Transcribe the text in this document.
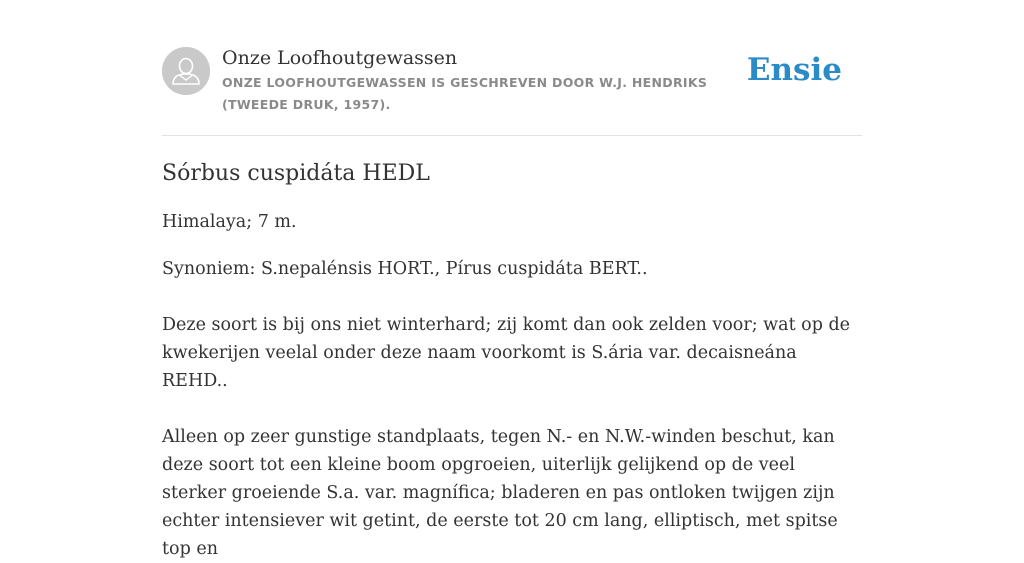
Onze Loofhoutgewassen
ONZE LOOFHOUTGEWASSEN IS GESCHREVEN DOOR W.J. HENDRIKS (TWEEDE DRUK, 1957).
Ensie
Sórbus cuspidáta HEDL

Himalaya; 7 m.

Synoniem: S.nepalénsis HORT., Pírus cuspidáta BERT..

Deze soort is bij ons niet winterhard; zij komt dan ook zelden voor; wat op de kwekerijen veelal onder deze naam voorkomt is S.ária var. decaisneána REHD..

Alleen op zeer gunstige standplaats, tegen N.- en N.W.-winden beschut, kan deze soort tot een kleine boom opgroeien, uiterlijk gelijkend op de veel sterker groeiende S.a. var. magnífica; bladeren en pas ontloken twijgen zijn echter intensiever wit getint, de eerste tot 20 cm lang, elliptisch, met spitse top en
